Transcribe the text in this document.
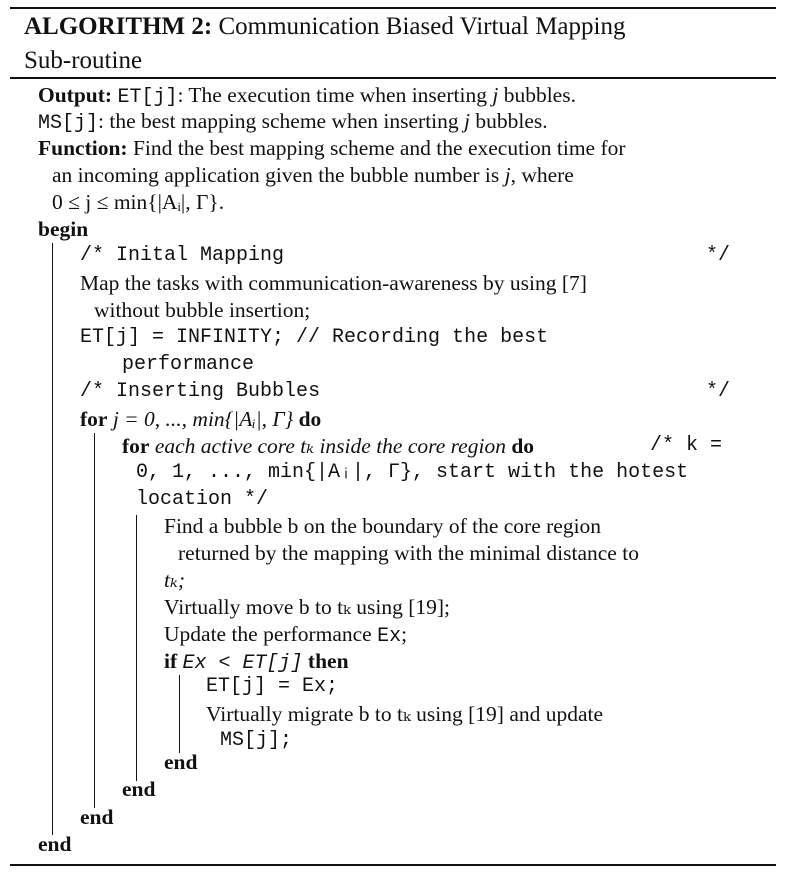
ALGORITHM 2: Communication Biased Virtual Mapping
Sub-routine
Output: ET[j]: The execution time when inserting j bubbles.
MS[j]: the best mapping scheme when inserting j bubbles.
Function: Find the best mapping scheme and the execution time for
an incoming application given the bubble number is j, where
0 ≤ j ≤ min{|Aᵢ|, Γ}.
begin
/* Inital Mapping	*/
Map the tasks with communication-awareness by using [7]
without bubble insertion;
ET[j] = INFINITY; // Recording the best
performance
/* Inserting Bubbles	*/
for j = 0, ..., min{|Aᵢ|, Γ} do
for each active core tₖ inside the core region do	/* k =
0, 1, ..., min{|Aᵢ|, Γ}, start with the hotest
location */
Find a bubble b on the boundary of the core region
returned by the mapping with the minimal distance to
tₖ;
Virtually move b to tₖ using [19];
Update the performance Ex;
if Ex < ET[j] then
ET[j] = Ex;
Virtually migrate b to tₖ using [19] and update
MS[j];
end
end
end
end
